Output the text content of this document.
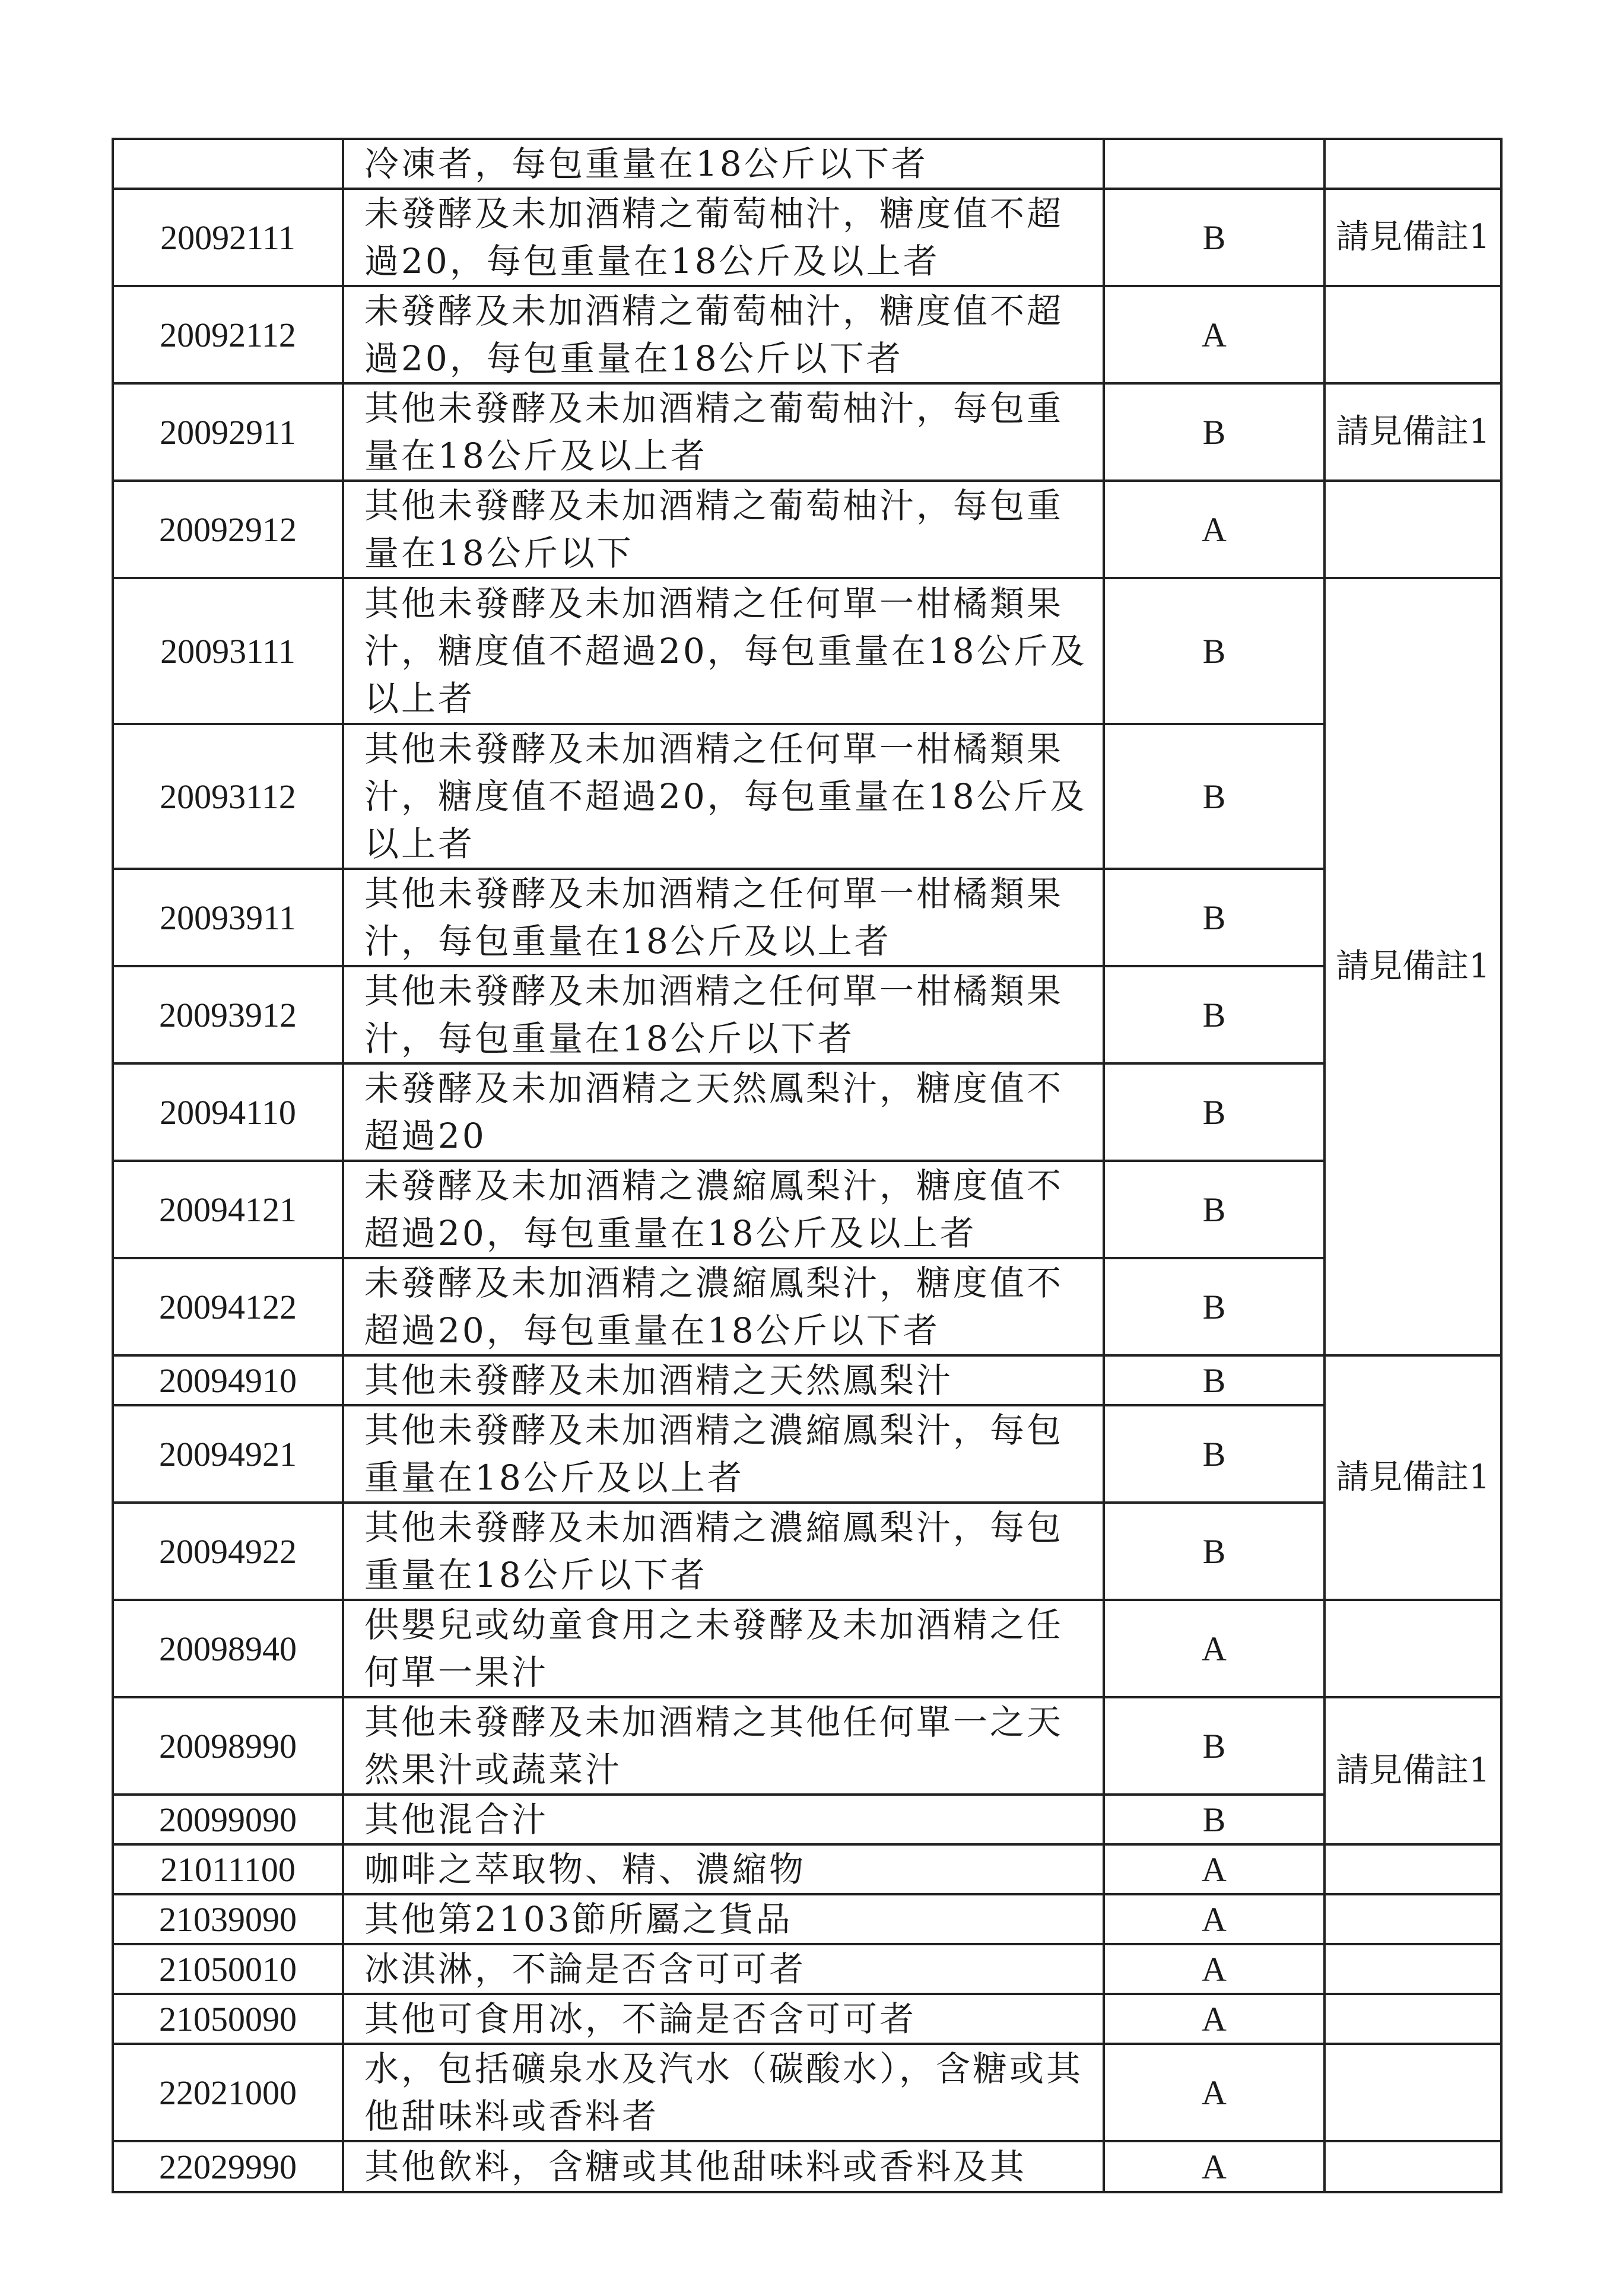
	冷凍者，每包重量在18公斤以下者		
20092111	未發酵及未加酒精之葡萄柚汁，糖度值不超過20，每包重量在18公斤及以上者	B	請見備註1
20092112	未發酵及未加酒精之葡萄柚汁，糖度值不超過20，每包重量在18公斤以下者	A	
20092911	其他未發酵及未加酒精之葡萄柚汁，每包重量在18公斤及以上者	B	請見備註1
20092912	其他未發酵及未加酒精之葡萄柚汁，每包重量在18公斤以下	A	
20093111	其他未發酵及未加酒精之任何單一柑橘類果汁，糖度值不超過20，每包重量在18公斤及以上者	B	請見備註1
20093112	其他未發酵及未加酒精之任何單一柑橘類果汁，糖度值不超過20，每包重量在18公斤及以上者	B	
20093911	其他未發酵及未加酒精之任何單一柑橘類果汁，每包重量在18公斤及以上者	B	
20093912	其他未發酵及未加酒精之任何單一柑橘類果汁，每包重量在18公斤以下者	B	
20094110	未發酵及未加酒精之天然鳳梨汁，糖度值不超過20	B	
20094121	未發酵及未加酒精之濃縮鳳梨汁，糖度值不超過20，每包重量在18公斤及以上者	B	
20094122	未發酵及未加酒精之濃縮鳳梨汁，糖度值不超過20，每包重量在18公斤以下者	B	
20094910	其他未發酵及未加酒精之天然鳳梨汁	B	請見備註1
20094921	其他未發酵及未加酒精之濃縮鳳梨汁，每包重量在18公斤及以上者	B	
20094922	其他未發酵及未加酒精之濃縮鳳梨汁，每包重量在18公斤以下者	B	
20098940	供嬰兒或幼童食用之未發酵及未加酒精之任何單一果汁	A	
20098990	其他未發酵及未加酒精之其他任何單一之天然果汁或蔬菜汁	B	請見備註1
20099090	其他混合汁	B	
21011100	咖啡之萃取物、精、濃縮物	A	
21039090	其他第2103節所屬之貨品	A	
21050010	冰淇淋，不論是否含可可者	A	
21050090	其他可食用冰，不論是否含可可者	A	
22021000	水，包括礦泉水及汽水（碳酸水），含糖或其他甜味料或香料者	A	
22029990	其他飲料，含糖或其他甜味料或香料及其	A	
